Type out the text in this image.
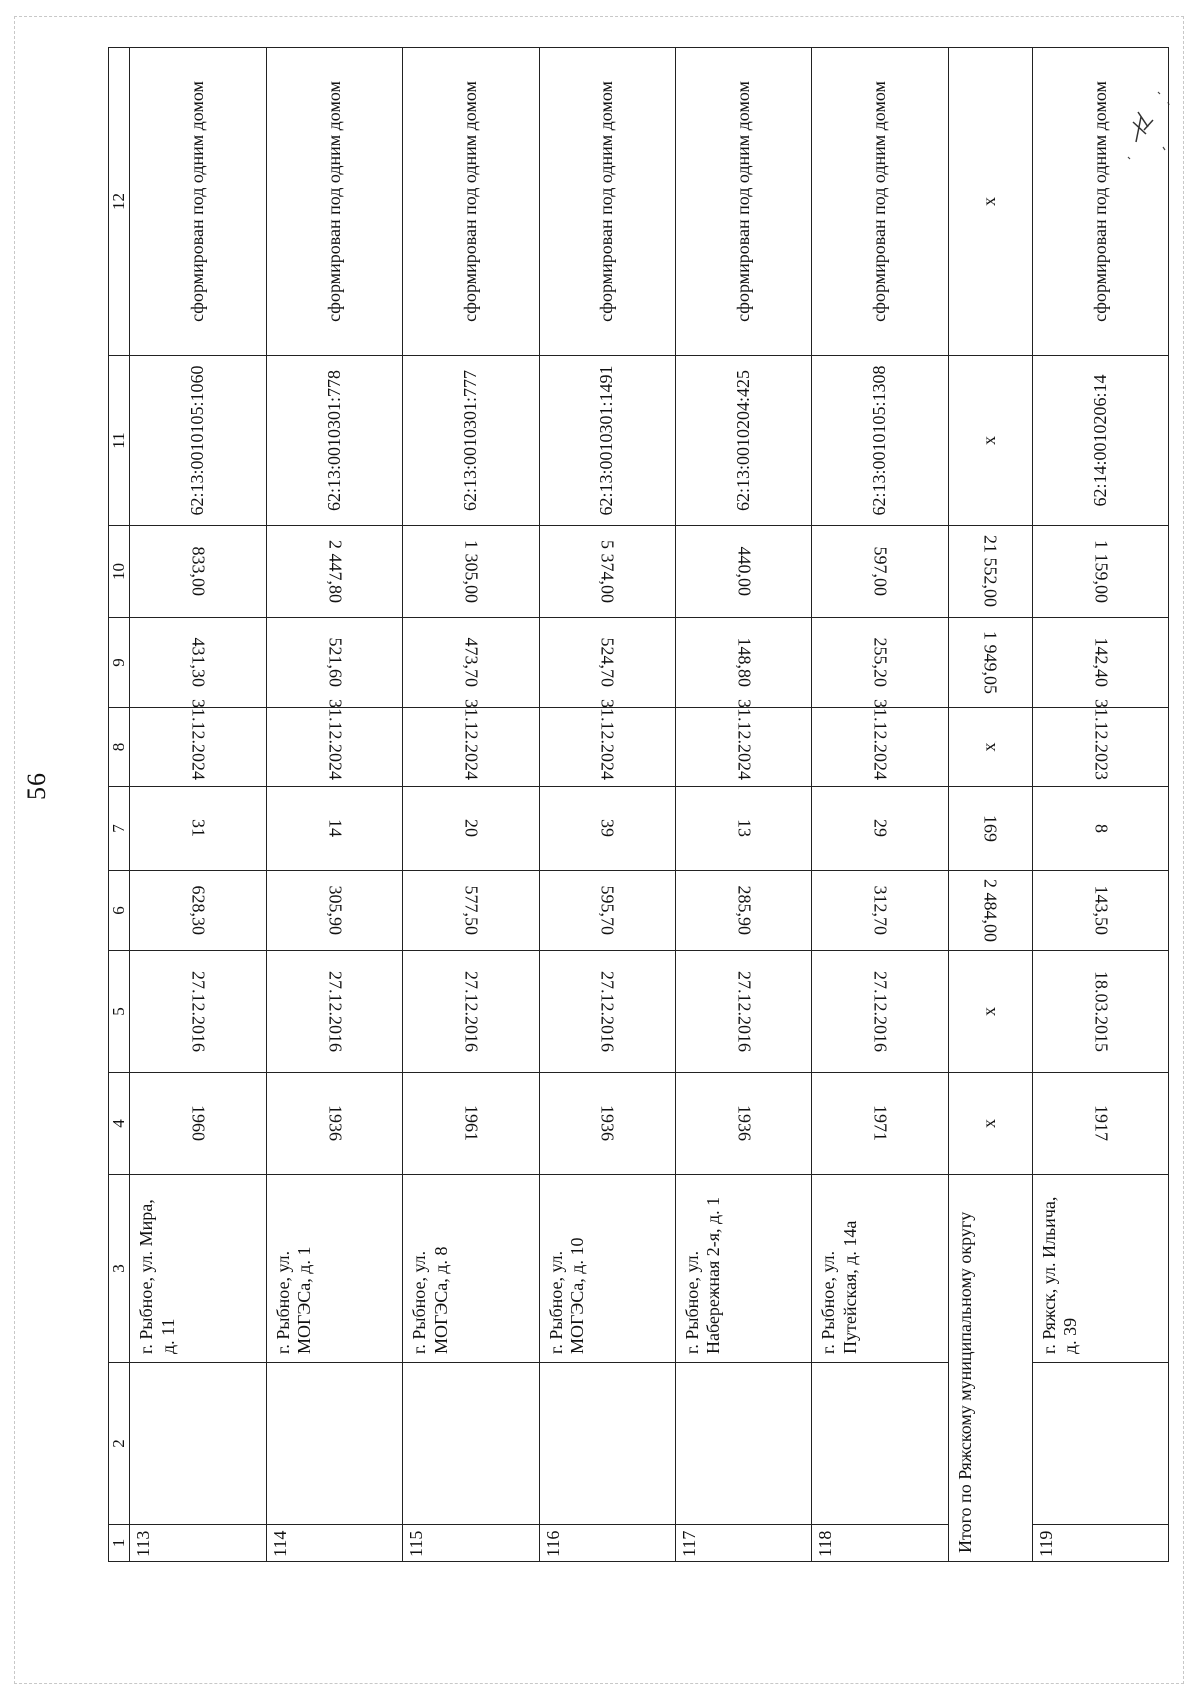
56
1	2	3	4	5	6	7	8	9	10	11	12
113		г. Рыбное, ул. Мира, д. 11	1960	27.12.2016	628,30	31	31.12.2024	431,30	833,00	62:13:0010105:1060	сформирован под одним домом
114		г. Рыбное, ул. МОГЭСа, д. 1	1936	27.12.2016	305,90	14	31.12.2024	521,60	2 447,80	62:13:0010301:778	сформирован под одним домом
115		г. Рыбное, ул. МОГЭСа, д. 8	1961	27.12.2016	577,50	20	31.12.2024	473,70	1 305,00	62:13:0010301:777	сформирован под одним домом
116		г. Рыбное, ул. МОГЭСа, д. 10	1936	27.12.2016	595,70	39	31.12.2024	524,70	5 374,00	62:13:0010301:1491	сформирован под одним домом
117		г. Рыбное, ул. Набережная 2-я, д. 1	1936	27.12.2016	285,90	13	31.12.2024	148,80	440,00	62:13:0010204:425	сформирован под одним домом
118		г. Рыбное, ул. Путейская, д. 14а	1971	27.12.2016	312,70	29	31.12.2024	255,20	597,00	62:13:0010105:1308	сформирован под одним домом
Итого по Ряжскому муниципальному округу			x	x	2 484,00	169	x	1 949,05	21 552,00	x	x
119		г. Ряжск, ул. Ильича, д. 39	1917	18.03.2015	143,50	8	31.12.2023	142,40	1 159,00	62:14:0010206:14	сформирован под одним домом
